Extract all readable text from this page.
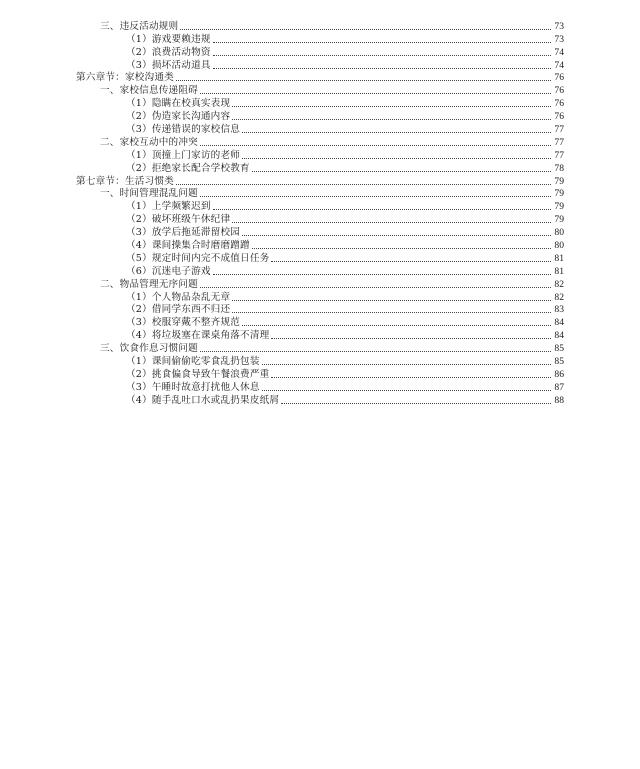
三、违反活动规则	73
（1）游戏要赖违规	73
（2）浪费活动物资	74
（3）损坏活动道具	74
第六章节：家校沟通类	76
一、家校信息传递阻碍	76
（1）隐瞒在校真实表现	76
（2）伪造家长沟通内容	76
（3）传递错误的家校信息	77
二、家校互动中的冲突	77
（1）顶撞上门家访的老师	77
（2）拒绝家长配合学校教育	78
第七章节：生活习惯类	79
一、时间管理混乱问题	79
（1）上学频繁迟到	79
（2）破坏班级午休纪律	79
（3）放学后拖延滞留校园	80
（4）课间操集合时磨磨蹭蹭	80
（5）规定时间内完不成值日任务	81
（6）沉迷电子游戏	81
二、物品管理无序问题	82
（1）个人物品杂乱无章	82
（2）借同学东西不归还	83
（3）校服穿戴不整齐规范	84
（4）将垃圾塞在课桌角落不清理	84
三、饮食作息习惯问题	85
（1）课间偷偷吃零食乱扔包装	85
（2）挑食偏食导致午餐浪费严重	86
（3）午睡时故意打扰他人休息	87
（4）随手乱吐口水或乱扔果皮纸屑	88
